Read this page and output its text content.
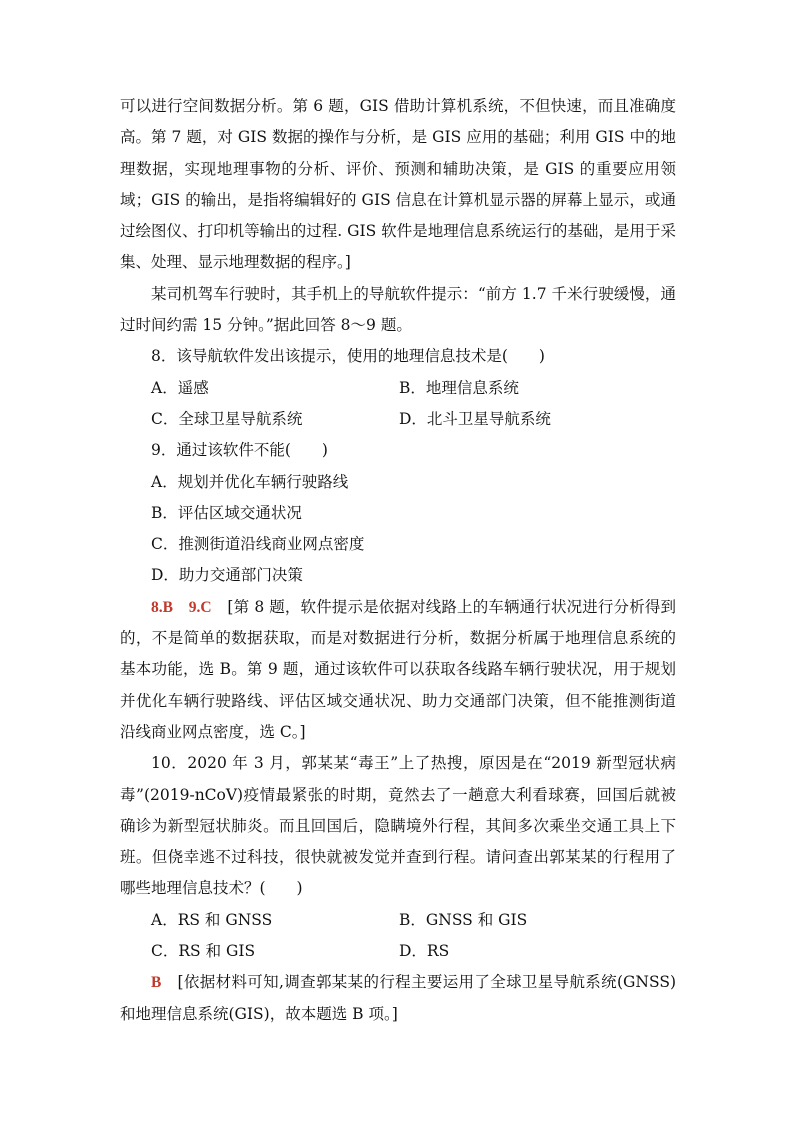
可以进行空间数据分析。第 6 题，GIS 借助计算机系统，不但快速，而且准确度高。第 7 题，对 GIS 数据的操作与分析，是 GIS 应用的基础；利用 GIS 中的地理数据，实现地理事物的分析、评价、预测和辅助决策，是 GIS 的重要应用领域；GIS 的输出，是指将编辑好的 GIS 信息在计算机显示器的屏幕上显示，或通过绘图仪、打印机等输出的过程. GIS 软件是地理信息系统运行的基础，是用于采集、处理、显示地理数据的程序。]

某司机驾车行驶时，其手机上的导航软件提示：“前方 1.7 千米行驶缓慢，通过时间约需 15 分钟。”据此回答 8～9 题。

8．该导航软件发出该提示，使用的地理信息技术是(　　)

A．遥感	B．地理信息系统
C．全球卫星导航系统	D．北斗卫星导航系统

9．通过该软件不能(　　)

A．规划并优化车辆行驶路线
B．评估区域交通状况
C．推测街道沿线商业网点密度
D．助力交通部门决策

8.B　9.C　[第 8 题，软件提示是依据对线路上的车辆通行状况进行分析得到的，不是简单的数据获取，而是对数据进行分析，数据分析属于地理信息系统的基本功能，选 B。第 9 题，通过该软件可以获取各线路车辆行驶状况，用于规划并优化车辆行驶路线、评估区域交通状况、助力交通部门决策，但不能推测街道沿线商业网点密度，选 C。]

10．2020 年 3 月，郭某某“毒王”上了热搜，原因是在“2019 新型冠状病毒”(2019-nCoV)疫情最紧张的时期，竟然去了一趟意大利看球赛，回国后就被确诊为新型冠状肺炎。而且回国后，隐瞒境外行程，其间多次乘坐交通工具上下班。但侥幸逃不过科技，很快就被发觉并查到行程。请问查出郭某某的行程用了哪些地理信息技术？(　　)

A．RS 和 GNSS	B．GNSS 和 GIS
C．RS 和 GIS	D．RS

B　[依据材料可知,调查郭某某的行程主要运用了全球卫星导航系统(GNSS)和地理信息系统(GIS)，故本题选 B 项。]
